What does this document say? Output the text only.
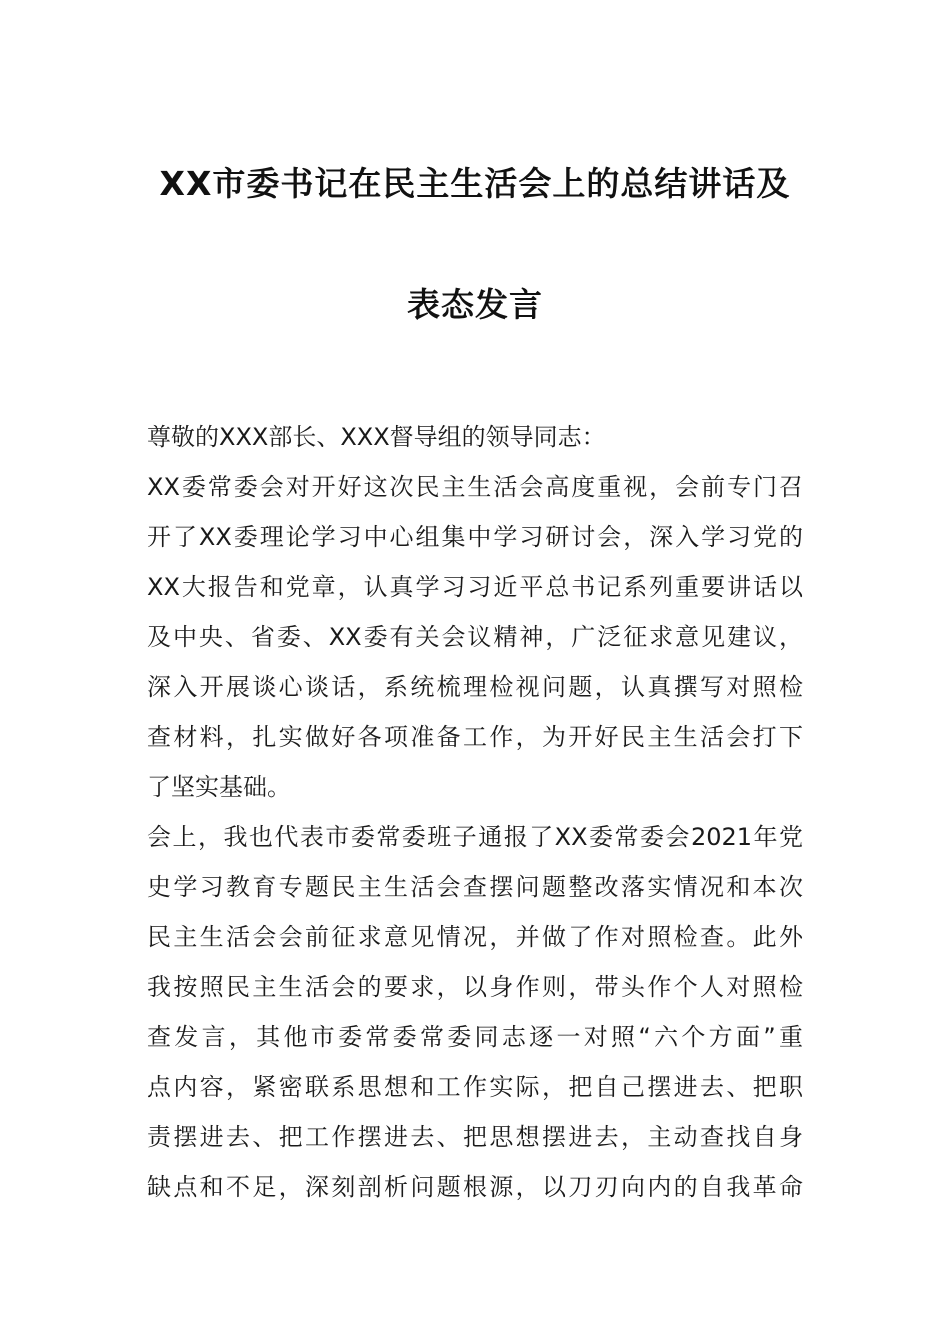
XX市委书记在民主生活会上的总结讲话及
表态发言
尊敬的XXX部长、XXX督导组的领导同志：
XX委常委会对开好这次民主生活会高度重视，会前专门召
开了XX委理论学习中心组集中学习研讨会，深入学习党的
XX大报告和党章，认真学习习近平总书记系列重要讲话以
及中央、省委、XX委有关会议精神，广泛征求意见建议，
深入开展谈心谈话，系统梳理检视问题，认真撰写对照检
查材料，扎实做好各项准备工作，为开好民主生活会打下
了坚实基础。
会上，我也代表市委常委班子通报了XX委常委会2021年党
史学习教育专题民主生活会查摆问题整改落实情况和本次
民主生活会会前征求意见情况，并做了作对照检查。此外
我按照民主生活会的要求，以身作则，带头作个人对照检
查发言，其他市委常委常委同志逐一对照“六个方面”重
点内容，紧密联系思想和工作实际，把自己摆进去、把职
责摆进去、把工作摆进去、把思想摆进去，主动查找自身
缺点和不足，深刻剖析问题根源，以刀刃向内的自我革命
